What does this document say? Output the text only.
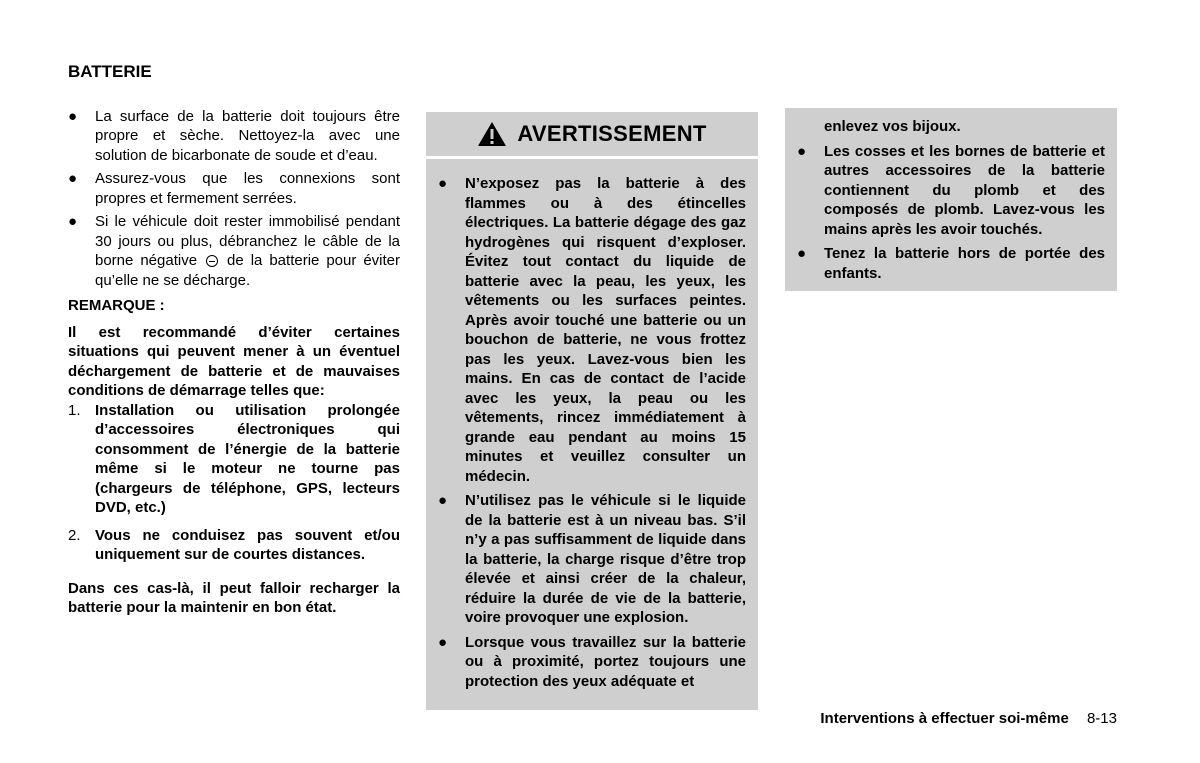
BATTERIE
● La surface de la batterie doit toujours être propre et sèche. Nettoyez-la avec une solution de bicarbonate de soude et d’eau.
● Assurez-vous que les connexions sont propres et fermement serrées.
● Si le véhicule doit rester immobilisé pendant 30 jours ou plus, débranchez le câble de la borne négative de la batterie pour éviter qu’elle ne se décharge.
REMARQUE :
Il est recommandé d’éviter certaines situations qui peuvent mener à un éventuel déchargement de batterie et de mauvaises conditions de démarrage telles que:
1. Installation ou utilisation prolongée d’accessoires électroniques qui consomment de l’énergie de la batterie même si le moteur ne tourne pas (chargeurs de téléphone, GPS, lecteurs DVD, etc.)
2. Vous ne conduisez pas souvent et/ou uniquement sur de courtes distances.
Dans ces cas-là, il peut falloir recharger la batterie pour la maintenir en bon état.
AVERTISSEMENT
● N’exposez pas la batterie à des flammes ou à des étincelles électriques. La batterie dégage des gaz hydrogènes qui risquent d’exploser. Évitez tout contact du liquide de batterie avec la peau, les yeux, les vêtements ou les surfaces peintes. Après avoir touché une batterie ou un bouchon de batterie, ne vous frottez pas les yeux. Lavez-vous bien les mains. En cas de contact de l’acide avec les yeux, la peau ou les vêtements, rincez immédiatement à grande eau pendant au moins 15 minutes et veuillez consulter un médecin.
● N’utilisez pas le véhicule si le liquide de la batterie est à un niveau bas. S’il n’y a pas suffisamment de liquide dans la batterie, la charge risque d’être trop élevée et ainsi créer de la chaleur, réduire la durée de vie de la batterie, voire provoquer une explosion.
● Lorsque vous travaillez sur la batterie ou à proximité, portez toujours une protection des yeux adéquate et
enlevez vos bijoux.
● Les cosses et les bornes de batterie et autres accessoires de la batterie contiennent du plomb et des composés de plomb. Lavez-vous les mains après les avoir touchés.
● Tenez la batterie hors de portée des enfants.
Interventions à effectuer soi-même 8-13
